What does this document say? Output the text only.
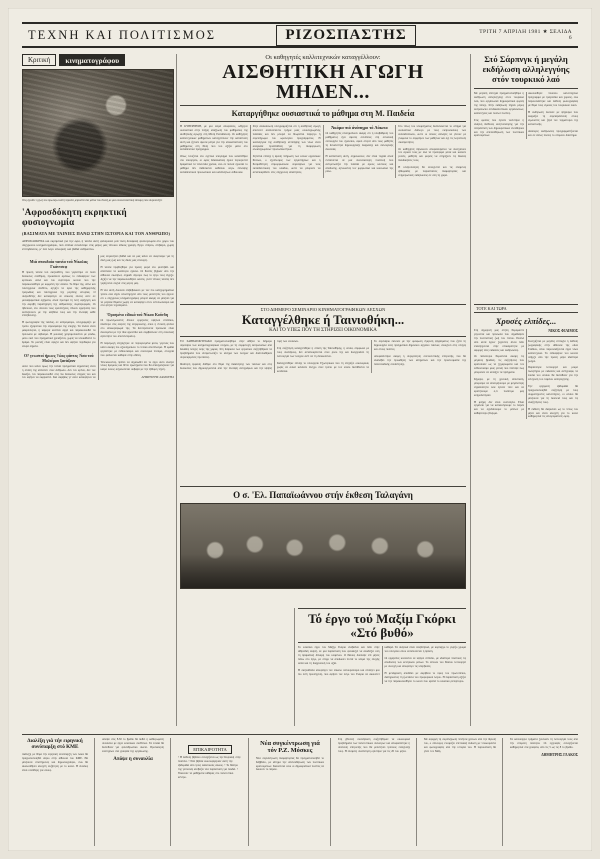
ΤΕΧΝΗ ΚΑΙ ΠΟΛΙΤΙΣΜΟΣ	ΡΙΖΟΣΠΑΣΤΗΣ	ΤΡΙΤΗ 7 ΑΠΡΙΛΗ 1981 ★ ΣΕΛΙΔΑ 6
Κριτική	κινηματογράφου
Ολη σχεδόν η ζωή του πρωταγωνιστή περνάει μπροστά στα μάτια του θεατή με μια εικονοπλαστική δύναμη που συγκλονίζει
'Αφροσδόκητη εκρηκτική φυσιογνωμία
(ΒΑΣΙΜΑΤΑ ΜΕ ΤΑΙΝΙΕΣ ΠΑΝΩ ΣΤΗΝ ΙΣΤΟΡΙΑ ΚΑΙ ΤΟΝ ΑΝΘΡΩΠΟ)
ΑΠΡΟΣΔΟΚΗΤΑ και εκρηκτικά για την ώρα, ή ταινία αυτή φανερώνει μιά τόση δυναμική φυσιογνωμία στο χώρο του σύγχρονου κινηματογράφου, πού σπάνια συναντάμε στις μέρες μας τέτοιου είδους γραφή. Εργο στέρεο, στιβαρό, χωρίς επιτηδεύσεις, μ' ένα λόγο ειλικρινή και βαθιά ανθρώπινο.
Μιά σπουδαία ταινία τού Νίκολας Γκάντσεφ
Η πρώτη ταινία τού σκηνοθέτη, που γυρίστηκε σε πολύ δύσκολες συνθήκες, προκάλεσε αμέσως το ενδιαφέρον των κριτικών αλλά και του ευρύτερου κοινού που την παρακολούθησε με κομμένη την ανάσα. Το θέμα της, απλό και ταυτόχρονα σύνθετο, αγγίζει τα όρια της καθημερινής τραγωδίας και ταυτόχρονα της μεγάλης ιστορίας. Ο σκηνοθέτης δεν καταφεύγει σε εύκολες λύσεις ούτε σε μελοδραματικά σχήματα, αλλά προτιμά τη λιτή αφήγηση και την ακριβή παρατήρηση της ανθρώπινης συμπεριφοράς. Οι ηθοποιοί, στο σύνολό τους ερασιτέχνες, δίνουν ερμηνείες που εκπλήσσουν με την αλήθεια τους και την έλλειψη κάθε επιτήδευσης.
Η φωτογραφία της ταινίας, σε ασπρόμαυρο, υπογραμμίζει με τρόπο εξαιρετικό την ατμόσφαιρα της εποχής. Τα πλάνα είναι μακρόσυρτα, η κάμερα κινείται αργά και παρακολουθεί τα πρόσωπα με σεβασμό. Η μουσική χρησιμοποιείται με φειδώ, μόνο εκεί που πραγματικά χρειάζεται, χωρίς να υποκαθιστά το δράμα. Το μοντάζ είναι σφιχτό και δεν αφήνει περιθώρια για νεκρά σημεία.
Ο? γνωστοί ήρωες ?ώος φάντες ?ίσα τού Μολιέρου ξανάζουν
Αυτό που κάνει όμως την ταινία πραγματικά σημαντική είναι η στάση της απέναντι στον άνθρωπο. Δεν τον κρίνει, δεν τον δικάζει, τον παρακολουθεί στις πιο δύσκολες στιγμές του και τον αφήνει να εκφραστεί. Και ακριβώς γι' αυτό καταφέρνει να μας συγκινήσει βαθιά και να μας κάνει να σκεφτούμε για τη δική μας ζωή και τις δικές μας επιλογές.
Η ταινία προβλήθηκε για πρώτη φορά στο φεστιβάλ και απέσπασε τα καλύτερα σχόλια. Οι θεατές βγήκαν από την αίθουσα σιωπηλοί, σημάδι σίγουρο πως το έργο τους άγγιξε. Αξίζει να την παρακολουθήσει κανείς, γιατί τέτοιες ταινίες δεν γυρίζονται συχνά στις μέρες μας.
Η νέα αυτή δουλειά επιβεβαιώνει με τον πιο κατηγορηματικό τρόπο όσα είχαν υποστηριχτεί από τους μελετητές του έργου: ότι ο σύγχρονος κινηματογράφος μπορεί ακόμη να μιλήσει για τα μεγάλα θέματα χωρίς να καταφύγει στον εντυπωσιασμό και στα φτηνά τεχνάσματα.
'Ορισμένο είδικά τού Νίκου Κούνδη
Οι πρωταγωνιστές δίνουν ερμηνείες υψηλού επιπέδου, ιδιαίτερα στις σκηνές της σύγκρουσης, όπου η ένταση φτάνει στο αποκορύφωμά της. Τα δευτερεύοντα πρόσωπα είναι δουλεμένα με την ίδια φροντίδα και συμβάλλουν στη συνολική αρτιότητα του αποτελέσματος.
Η παραγωγή στηρίχτηκε σε περιορισμένα μέσα, γεγονός που κάνει ακόμη πιο αξιοσημείωτο το τελικό αποτέλεσμα. Η ομάδα εργάστηκε με ενθουσιασμό και συλλογικό πνεύμα, στοιχεία που φαίνονται καθαρά στην οθόνη.
Τελειώνοντας, πρέπει να σημειωθεί ότι το έργο αυτό ανοίγει νέους δρόμους και θέτει ερωτήματα που θα απασχολήσουν για καιρό όσους ασχολούνται σοβαρά με την έβδομη τέχνη.
ΔΗΜΗΤΡΗΣ ΣΑΜΟΥΗΛ
Οι καθηγητές καλλιτεχνικών καταγγέλλουν:
ΑΙΣΘΗΤΙΚΗ ΑΓΩΓΗ ΜΗΔΕΝ...
Καταργήθηκε ουσιαστικά το μάθημα στη Μ. Παιδεία
Η ΚΥΒΕΡΝΗΣΗ, με μια σειρά αποφάσεις, οδήγησε ουσιαστικά στην πλήρη απαξίωση του μαθήματος της αισθητικής αγωγής στη Μέση Εκπαίδευση. Οι καθηγητές καλλιτεχνικών μαθημάτων καταγγέλλουν την κατάσταση αυτή και ζητούν άμεσα μέτρα για την αποκατάσταση του μαθήματος στη θέση που του αξίζει μέσα στο εκπαιδευτικό πρόγραμμα.
Οπως τονίζεται στο σχετικό υπόμνημα που κατατέθηκε στο υπουργείο, οι ώρες διδασκαλίας έχουν περιοριστεί δραματικά τα τελευταία χρόνια, ενώ σε πολλά σχολεία το μάθημα δεν διδάσκεται καθόλου λόγω έλλειψης εκπαιδευτικού προσωπικού και κατάλληλων αιθουσών.
Στην ανακοίνωση υπογραμμίζεται ότι η αισθητική αγωγή αποτελεί αναπόσπαστο τμήμα μιας ολοκληρωμένης παιδείας και δεν μπορεί να θεωρείται πάρεργο ή συμπλήρωμα του ωρολογίου προγράμματος. Η καλλιέργεια της αισθητικής αντίληψης των νέων είναι αναγκαία προϋπόθεση για τη διαμόρφωση ολοκληρωμένων προσωπικοτήτων.
Ζητείται επίσης η άμεση πλήρωση των κενών οργανικών θέσεων, ο εξοπλισμός των εργαστηρίων και η θεσμοθέτηση επιμορφωτικών σεμιναρίων για τους εκπαιδευτικούς του κλάδου, ώστε να μπορούν να ανταποκριθούν στις σύγχρονες απαιτήσεις.
Άκόμα πιό άνάπηρο τό Λύκειο
Οι καθηγητές επισημαίνουν ακόμη ότι η υποβάθμιση του μαθήματος έχει άμεσες συνέπειες στη συνολική λειτουργία του σχολείου, αφού στερεί από τους μαθητές τη δυνατότητα δημιουργικής έκφρασης και συλλογικής δουλειάς.
Η κατάσταση αυτή, σημειώνουν, δεν είναι τυχαία αλλά εντάσσεται σε μια συνολικότερη πολιτική που αντιμετωπίζει την παιδεία με όρους κόστους και απόδοσης, αγνοώντας τον μορφωτικό και κοινωνικό της ρόλο.
Στο τέλος του υπομνήματος διατυπώνεται το αίτημα για ουσιαστικό διάλογο με τους εκπροσώπους των εκπαιδευτικών, ώστε οι όποιες αλλαγές να γίνουν με γνώμονα το συμφέρον των μαθητών και όχι τις λογιστικές σκοπιμότητες.
Οι καθηγητές δηλώνουν αποφασισμένοι να συνεχίσουν τον αγώνα τους με όλα τα πρόσφορα μέσα και καλούν γονείς, μαθητές και φορείς να στηρίξουν τις δίκαιες διεκδικήσεις τους.
Η κινητοποίηση θα συνεχιστεί και τις επόμενες εβδομάδες με παραστάσεις διαμαρτυρίας και ενημερωτικές εκδηλώσεις σε όλη τη χώρα.
Στό Σάρπνγκ ή μεγάλη εκδήλωση αλληλεγγύης στόν τουρκικό λαό
Με μεγάλη επιτυχία πραγματοποιήθηκε η εκδήλωση αλληλεγγύης στον τουρκικό λαό, που οργάνωσαν δημοκρατικοί φορείς της πόλης. Στην εκδήλωση πήραν μέρος εκπρόσωποι συνδικαλιστικών οργανώσεων, καλλιτέχνες και πολλοί πολίτες.
Στις ομιλίες που έγιναν τονίστηκε η ανάγκη διεθνούς κινητοποίησης για την υπεράσπιση των δημοκρατικών ελευθεριών και την απελευθέρωση των πολιτικών κρατουμένων.
Ακολούθησε πλούσιο καλλιτεχνικό πρόγραμμα με τραγούδια και χορούς, ενώ παρουσιάστηκε και έκθεση φωτογραφίας με θέμα τους αγώνες του τουρκικού λαού.
Η εκδήλωση έκλεισε με ψήφισμα που εκφράζει τη συμπαράσταση στους αγωνιστές και ζητά τον τερματισμό της καταστολής.
Ανάλογες εκδηλώσεις προγραμματίζονται και σε άλλες πόλεις το επόμενο διάστημα.
ΣΤΟ ΔΙΗΜΕΡΟ ΣΕΜΙΝΑΡΙΟ ΚΙΝΗΜΑΤΟΓΡΑΦΙΚΩΝ ΛΕΣΧΩΝ
Καταγγέλθηκε ή Ταινιοθήκη...
ΚΑΙ ΤΟ ΥΠΕΞ ΠΟΥ ΤΗ ΣΤΗΡΙΖΕΙ ΟΙΚΟΝΟΜΙΚΑ
ΤΟ ΣΑΒΒΑΤΟΚΥΡΙΑΚΟ πραγματοποιήθηκε στην Αθήνα το διήμερο σεμινάριο των κινηματογραφικών λεσχών, με τη συμμετοχή εκπροσώπων από δεκάδες λέσχες όλης της χώρας. Στη διάρκεια των εργασιών συζητήθηκαν τα προβλήματα που αντιμετωπίζει το κίνημα των λεσχών και διατυπώθηκαν συγκεκριμένες προτάσεις.
Ιδιαίτερη έμφαση δόθηκε στο θέμα της διακίνησης των ταινιών και στις δυσκολίες που δημιουργούνται από την έλλειψη αντιγράφων και την υψηλή τιμή των ενοικίων.
Στη συζήτηση καταγγέλθηκε η στάση της Ταινιοθήκης, η οποία, σύμφωνα με τους συνέδρους, δεν ανταποκρίνεται στον ρόλο της και δυσχεραίνει τη λειτουργία των λεσχών αντί να τη διευκολύνει.
Καταγγέλθηκε επίσης το υπουργείο Εξωτερικών που τη στηρίζει οικονομικά, χωρίς να ασκεί κανέναν έλεγχο στον τρόπο με τον οποίο διατίθενται τα κονδύλια.
Το σεμινάριο έκλεισε με την ομόφωνη έγκριση ψηφίσματος που ζητά τη δημιουργία ενός πραγματικά δημόσιου αρχείου ταινιών, ανοιχτού στις λέσχες και στους πολίτες.
Αποφασίστηκε ακόμη η συγκρότηση συντονιστικής επιτροπής, που θα αναλάβει την προώθηση των αιτημάτων και την προετοιμασία της πανελλαδικής συνάντησης.
Ο σ. 'Ελ. Παπαϊωάννου στήν έκθεση Ταλαγάνη
Τό έργο τού Μαξίμ Γκόρκι «Στό βυθό»
Το κλασικό έργο του Μαξίμ Γκόρκι ανεβαίνει και πάλι στην αθηναϊκή σκηνή, σε μια παράσταση που φιλοδοξεί να αναδείξει όλη τη δραματική δύναμη του κειμένου. Ο θίασος δούλεψε επί μήνες πάνω στο έργο, με στόχο να αποδώσει πιστά το κλίμα της εποχής αλλά και τη διαχρονική του αξία.
Η σκηνοθεσία αποφεύγει τον εύκολο νατουραλισμό και επιλέγει μια πιο λιτή προσέγγιση, που αφήνει τον λόγο του Γκόρκι να ακουστεί καθαρά. Τα σκηνικά είναι υποβλητικά, με κυρίαρχο το γκρίζο χρώμα του υπογείου όπου εκτυλίσσεται η δράση.
Οι ερμηνείες κινούνται σε υψηλό επίπεδο, με ιδιαίτερα πειστικές τις αποδόσεις των κεντρικών ρόλων. Το σύνολο του θιάσου λειτουργεί με συνοχή και αποφεύγει τις υπερβολές.
Η μετάφραση αποδίδει με ακρίβεια το ύφος του πρωτοτύπου, διατηρώντας τη ζωντάνια του προφορικού λόγου. Η παράσταση αξίζει να την παρακολουθήσει το κοινό που αγαπά το κλασικό ρεπερτόριο.
ΤΟΤΕ ΚΑΙ ΤΩΡΑ
Χρυσές ελπίδες...
Στη σημερινή μας στήλη θυμόμαστε γεγονότα και πρόσωπα που σημάδεψαν την πολιτιστική ζωή του τόπου. Πολλά από αυτά έχουν ξεχαστεί, άλλα πάλι επανέρχονται στην επικαιρότητα με αφορμή νέες εκδόσεις και εκδηλώσεις.
Οι παλιότεροι θυμούνται ακόμη τις μεγάλες βραδιές, τις συζητήσεις που κρατούσαν ως τα ξημερώματα και τον ενθουσιασμό μιας γενιάς που πίστεψε πως μπορούσε να αλλάξει τα πράγματα.
Σήμερα, με τη χρονική απόσταση, μπορούμε να αποτιμήσουμε με μεγαλύτερη νηφαλιότητα όσα έγιναν τότε και να κρατήσουμε ό,τι πολύτιμο μας κληροδότησαν.
Η μνήμη δεν είναι νοσταλγία. Είναι εργαλείο για να κατανοήσουμε το παρόν και να σχεδιάσουμε το μέλλον με καθαρότερο βλέμμα.
ΝΙΚΟΣ ΦΙΛΙΜΟΣ
Συνεχίζεται με μεγάλη επιτυχία η έκθεση ζωγραφικής στην αίθουσα της οδού Σταδίου, όπου παρουσιάζονται έργα νέων καλλιτεχνών. Το ενδιαφέρον του κοινού υπήρξε από την πρώτη μέρα ιδιαίτερα ζωηρό.
Παράλληλα λειτουργεί και μικρό πωλητήριο με εκδόσεις και αντίγραφα, τα έσοδα του οποίου θα διατεθούν για την ενίσχυση του ταμείου αλληλεγγύης.
Την ερχόμενη εβδομάδα θα πραγματοποιηθεί συζήτηση με τους συμμετέχοντες καλλιτέχνες, οι οποίοι θα μιλήσουν για τη δουλειά τους και τις αναζητήσεις τους.
Η έκθεση θα διαρκέσει ως το τέλος του μήνα και είναι ανοιχτή για το κοινό καθημερινά τις απογευματινές ώρες.
Διαλέξη γιά τήν ειρηνική συνύπαρξη στό ΚΜΕ
Διάλεξη με θέμα την ειρηνική συνύπαρξη των λαών θα πραγματοποιηθεί αύριο στην αίθουσα του ΚΜΕ. Θα μιλήσουν επιστήμονες και δημοσιογράφοι, ενώ θα ακολουθήσει ανοιχτή συζήτηση με το κοινό. Η είσοδος είναι ελεύθερη για όλους.
Απόψε στις 8.30 το βράδυ θα δοθεί η καθιερωμένη συναυλία με έργα κλασικών συνθετών. Τα έσοδα θα διατεθούν για φιλανθρωπικό σκοπό. Προπώληση εισιτηρίων στα γραφεία της οργάνωσης.
Απόψε η συναυλία
ΕΠΙΚΑΙΡΟΤΗΤΑ
• Η έκθεση βιβλίου συνεχίζεται ως την Κυριακή στην πλατεία. • Νέα βιβλία κυκλοφόρησαν αυτή την εβδομάδα από τρεις εκδοτικούς οίκους. • Το θέατρο της γειτονιάς ανεβάζει νέα παράσταση για παιδιά. • Ξεκινούν τα μαθήματα κιθάρας στο πολιτιστικό κέντρο.
Νέα συγκέντρωση γιά τόν Ρ.Ζ. Μόσκες
Νέα συγκέντρωση διαμαρτυρίας θα πραγματοποιηθεί το Σάββατο, με αίτημα την απελευθέρωση των πολιτικών κρατουμένων. Καλούνται όλοι οι δημοκρατικοί πολίτες να δώσουν το παρών.
Στη χθεσινή συνεδρίαση συζητήθηκαν τα οικονομικά προβλήματα των πολιτιστικών συλλόγων και αποφασίστηκε η σύσταση επιτροπής που θα μελετήσει τρόπους ενίσχυσής τους. Η επόμενη συνάντηση ορίστηκε για τις 20 του μήνα.
Με αφορμή τη συμπλήρωση πενήντα χρόνων από την ίδρυσή του, ο σύλλογος ετοιμάζει επετειακή έκδοση με ντοκουμέντα και φωτογραφίες από την ιστορία του. Η παρουσίαση θα γίνει τον Μάη.
Τα καινούργια τμήματα ξεκινούν τη λειτουργία τους από την επόμενη Δευτέρα. Οι εγγραφές συνεχίζονται καθημερινά στα γραφεία, από τις 5 ως τις 8 το βράδυ.
ΔΗΜΗΤΡΗΣ ΓΛΑΚΟΣ
